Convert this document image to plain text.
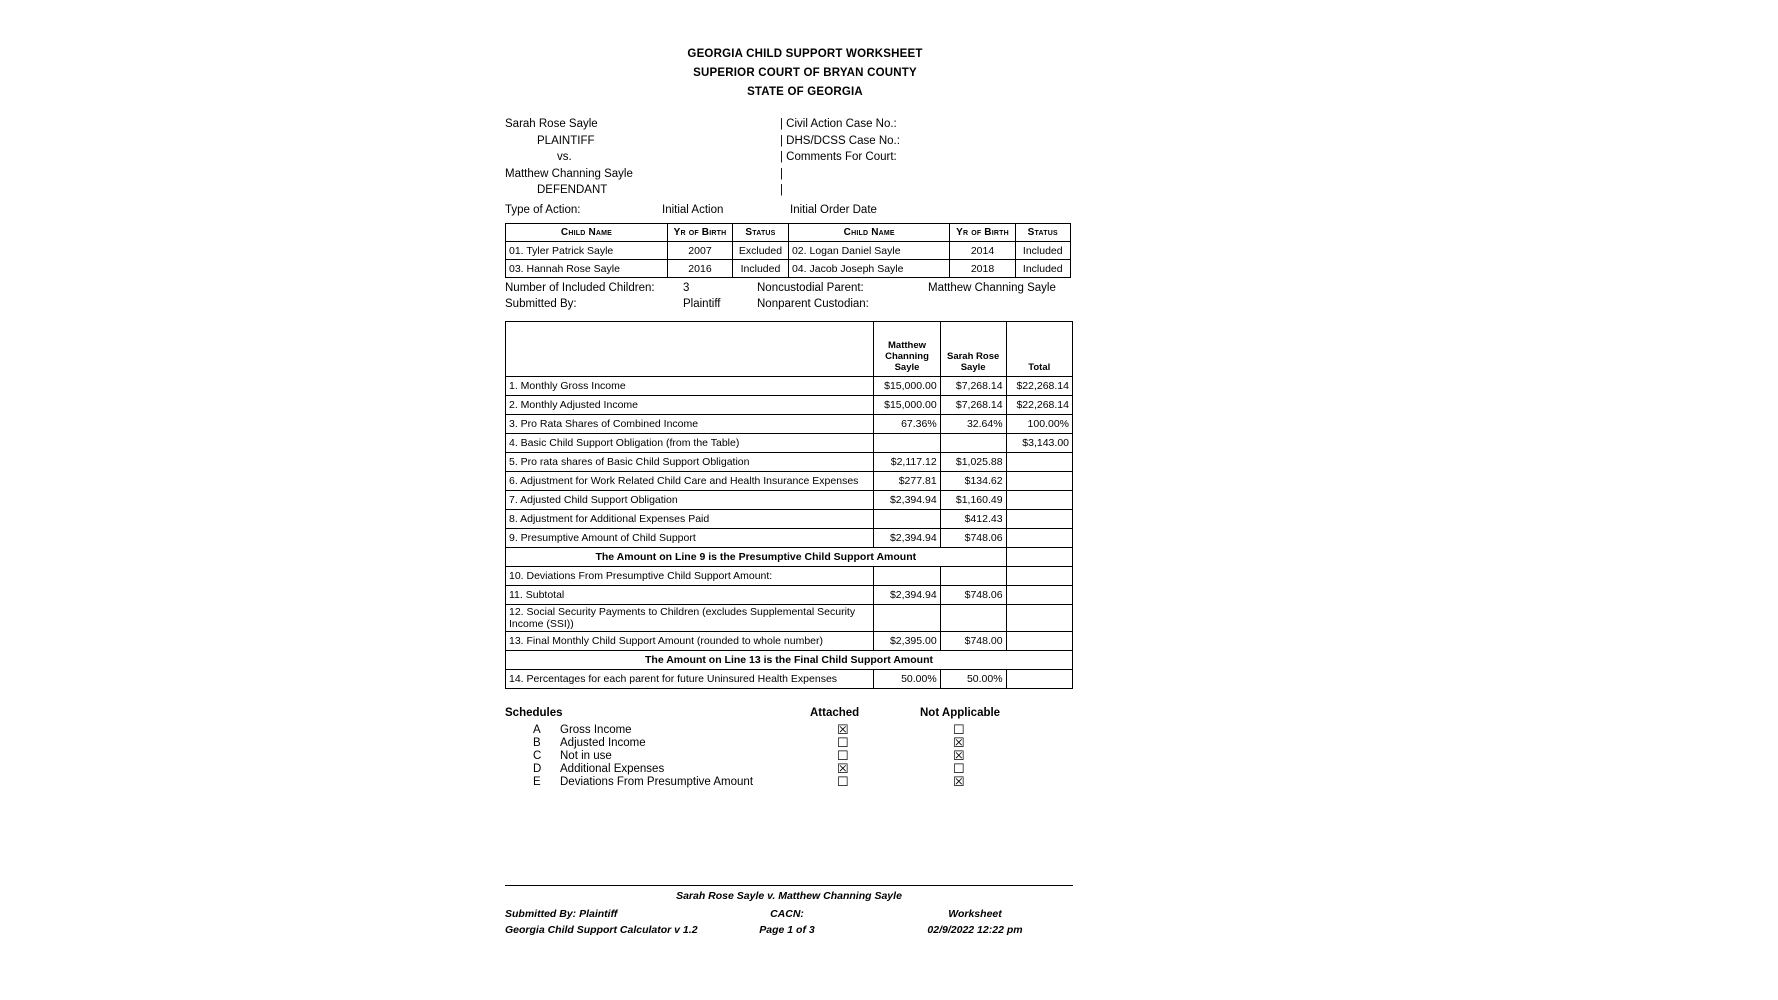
GEORGIA CHILD SUPPORT WORKSHEET
SUPERIOR COURT OF BRYAN COUNTY
STATE OF GEORGIA
Sarah Rose Sayle
PLAINTIFF
vs.
Matthew Channing Sayle
DEFENDANT
| Civil Action Case No.:
| DHS/DCSS Case No.:
| Comments For Court:
|
|
Type of Action:	Initial Action	Initial Order Date
Child Name	Yr of Birth	Status	Child Name	Yr of Birth	Status
01. Tyler Patrick Sayle	2007	Excluded	02. Logan Daniel Sayle	2014	Included
03. Hannah Rose Sayle	2016	Included	04. Jacob Joseph Sayle	2018	Included
Number of Included Children: 3	Noncustodial Parent:	Matthew Channing Sayle
Submitted By:	Plaintiff	Nonparent Custodian:
	Matthew Channing Sayle	Sarah Rose Sayle	Total
1. Monthly Gross Income	$15,000.00	$7,268.14	$22,268.14
2. Monthly Adjusted Income	$15,000.00	$7,268.14	$22,268.14
3. Pro Rata Shares of Combined Income	67.36%	32.64%	100.00%
4. Basic Child Support Obligation (from the Table)			$3,143.00
5. Pro rata shares of Basic Child Support Obligation	$2,117.12	$1,025.88	
6. Adjustment for Work Related Child Care and Health Insurance Expenses	$277.81	$134.62	
7. Adjusted Child Support Obligation	$2,394.94	$1,160.49	
8. Adjustment for Additional Expenses Paid		$412.43	
9. Presumptive Amount of Child Support	$2,394.94	$748.06	
The Amount on Line 9 is the Presumptive Child Support Amount			
10. Deviations From Presumptive Child Support Amount:			
11. Subtotal	$2,394.94	$748.06	
12. Social Security Payments to Children (excludes Supplemental Security Income (SSI))			
13. Final Monthly Child Support Amount (rounded to whole number)	$2,395.00	$748.00	
The Amount on Line 13 is the Final Child Support Amount			
14. Percentages for each parent for future Uninsured Health Expenses	50.00%	50.00%	
Schedules	Attached	Not Applicable
A Gross Income	☒	☐
B Adjusted Income	☐	☒
C Not in use	☐	☒
D Additional Expenses	☒	☐
E Deviations From Presumptive Amount	☐	☒
Sarah Rose Sayle v. Matthew Channing Sayle
Submitted By: Plaintiff	CACN:	Worksheet
Georgia Child Support Calculator v 1.2	Page 1 of 3	02/9/2022 12:22 pm
